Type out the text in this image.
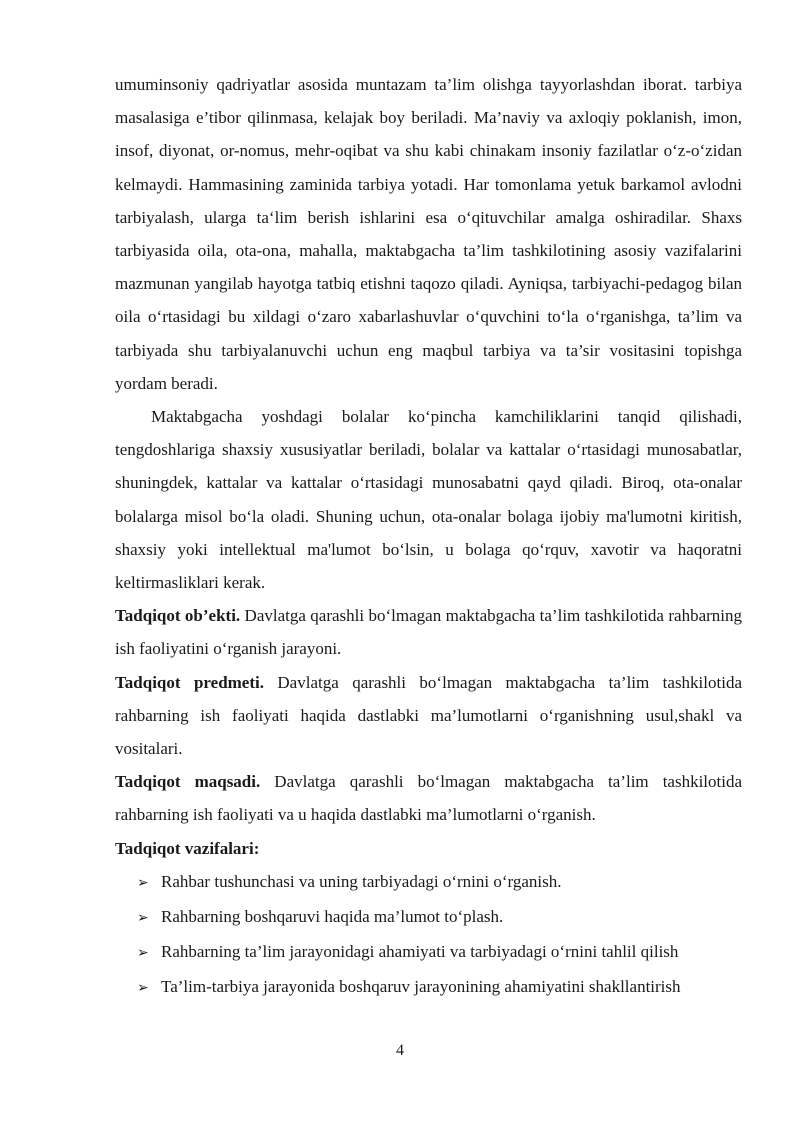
umuminsoniy qadriyatlar asosida muntazam ta’lim olishga tayyorlashdan iborat. tarbiya masalasiga e’tibor qilinmasa, kelajak boy beriladi. Ma’naviy va axloqiy poklanish, imon, insof, diyonat, or-nomus, mehr-oqibat va shu kabi chinakam insoniy fazilatlar o‘z-o‘zidan kelmaydi. Hammasining zaminida tarbiya yotadi. Har tomonlama yetuk barkamol avlodni tarbiyalash, ularga ta‘lim berish ishlarini esa o‘qituvchilar amalga oshiradilar. Shaxs tarbiyasida oila, ota-ona, mahalla, maktabgacha ta’lim tashkilotining asosiy vazifalarini mazmunan yangilab hayotga tatbiq etishni taqozo qiladi. Ayniqsa, tarbiyachi-pedagog bilan oila o‘rtasidagi bu xildagi o‘zaro xabarlashuvlar o‘quvchini to‘la o‘rganishga, ta’lim va tarbiyada shu tarbiyalanuvchi uchun eng maqbul tarbiya va ta’sir vositasini topishga yordam beradi.

Maktabgacha yoshdagi bolalar ko‘pincha kamchiliklarini tanqid qilishadi, tengdoshlariga shaxsiy xususiyatlar beriladi, bolalar va kattalar o‘rtasidagi munosabatlar, shuningdek, kattalar va kattalar o‘rtasidagi munosabatni qayd qiladi. Biroq, ota-onalar bolalarga misol bo‘la oladi. Shuning uchun, ota-onalar bolaga ijobiy ma'lumotni kiritish, shaxsiy yoki intellektual ma'lumot bo‘lsin, u bolaga qo‘rquv, xavotir va haqoratni keltirmasliklari kerak.

Tadqiqot ob’ekti. Davlatga qarashli bo‘lmagan maktabgacha ta’lim tashkilotida rahbarning ish faoliyatini o‘rganish jarayoni.

Tadqiqot predmeti. Davlatga qarashli bo‘lmagan maktabgacha ta’lim tashkilotida rahbarning ish faoliyati haqida dastlabki ma’lumotlarni o‘rganishning usul,shakl va vositalari.

Tadqiqot maqsadi. Davlatga qarashli bo‘lmagan maktabgacha ta’lim tashkilotida rahbarning ish faoliyati va u haqida dastlabki ma’lumotlarni o‘rganish.

Tadqiqot vazifalari:
➢ Rahbar tushunchasi va uning tarbiyadagi o‘rnini o‘rganish.
➢ Rahbarning boshqaruvi haqida ma’lumot to‘plash.
➢ Rahbarning ta’lim jarayonidagi ahamiyati va tarbiyadagi o‘rnini tahlil qilish
➢ Ta’lim-tarbiya jarayonida boshqaruv jarayonining ahamiyatini shakllantirish
4
